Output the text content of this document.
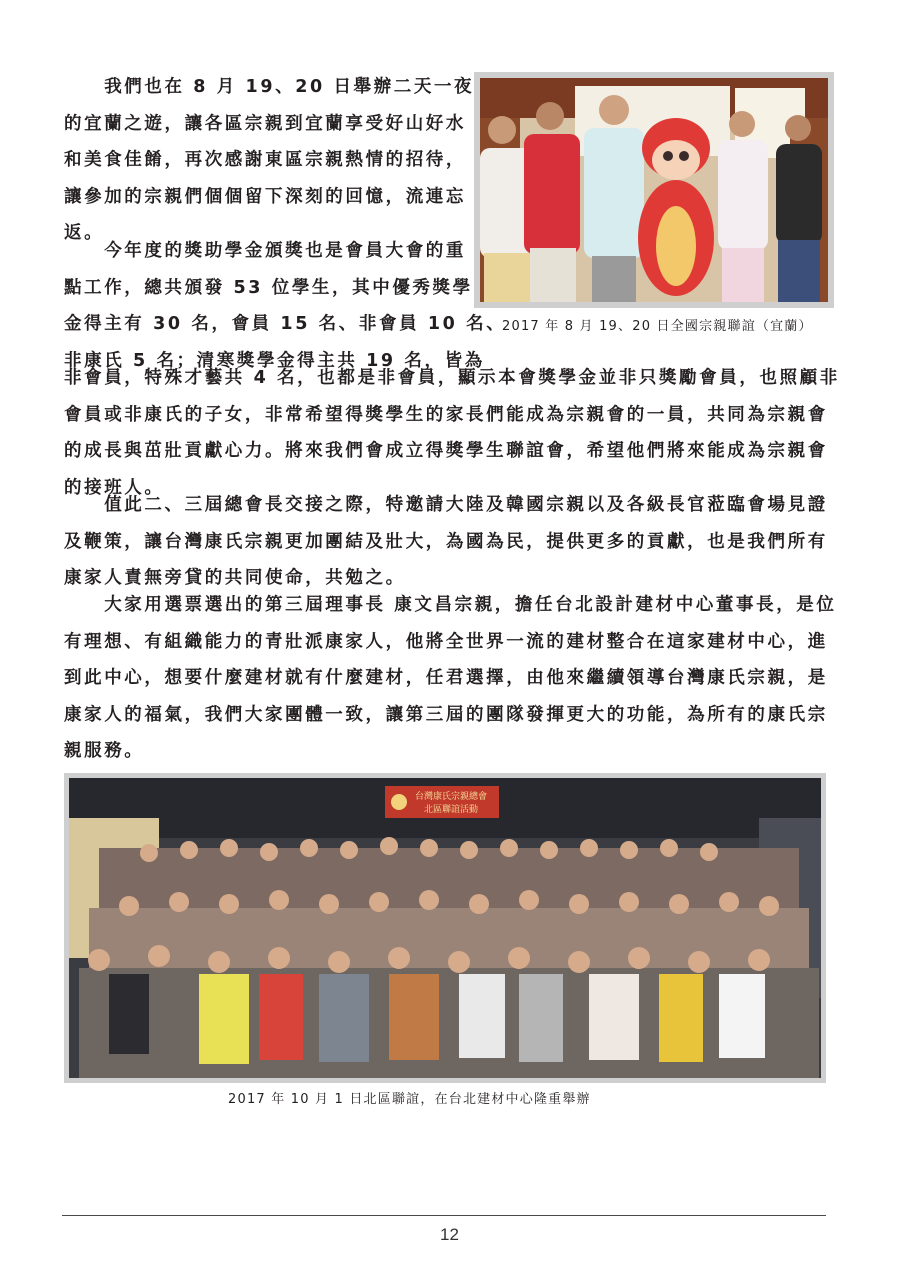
　　我們也在 8 月 19、20 日舉辦二天一夜
的宜蘭之遊，讓各區宗親到宜蘭享受好山好水
和美食佳餚，再次感謝東區宗親熱情的招待，
讓參加的宗親們個個留下深刻的回憶，流連忘
返。

　　今年度的獎助學金頒獎也是會員大會的重
點工作，總共頒發 53 位學生，其中優秀獎學
金得主有 30 名，會員 15 名、非會員 10 名、
非康氏 5 名；清寒獎學金得主共 19 名，皆為

非會員，特殊才藝共 4 名，也都是非會員，顯示本會獎學金並非只獎勵會員，也照顧非
會員或非康氏的子女，非常希望得獎學生的家長們能成為宗親會的一員，共同為宗親會
的成長與茁壯貢獻心力。將來我們會成立得獎學生聯誼會，希望他們將來能成為宗親會
的接班人。

　　值此二、三屆總會長交接之際，特邀請大陸及韓國宗親以及各級長官蒞臨會場見證
及鞭策，讓台灣康氏宗親更加團結及壯大，為國為民，提供更多的貢獻，也是我們所有
康家人責無旁貸的共同使命，共勉之。

　　大家用選票選出的第三屆理事長 康文昌宗親，擔任台北設計建材中心董事長，是位
有理想、有組織能力的青壯派康家人，他將全世界一流的建材整合在這家建材中心，進
到此中心，想要什麼建材就有什麼建材，任君選擇，由他來繼續領導台灣康氏宗親，是
康家人的福氣，我們大家團體一致，讓第三屆的團隊發揮更大的功能，為所有的康氏宗
親服務。

2017 年 8 月 19、20 日全國宗親聯誼（宜蘭）

台灣康氏宗親總會
北區聯誼活動

2017 年 10 月 1 日北區聯誼，在台北建材中心隆重舉辦

12
